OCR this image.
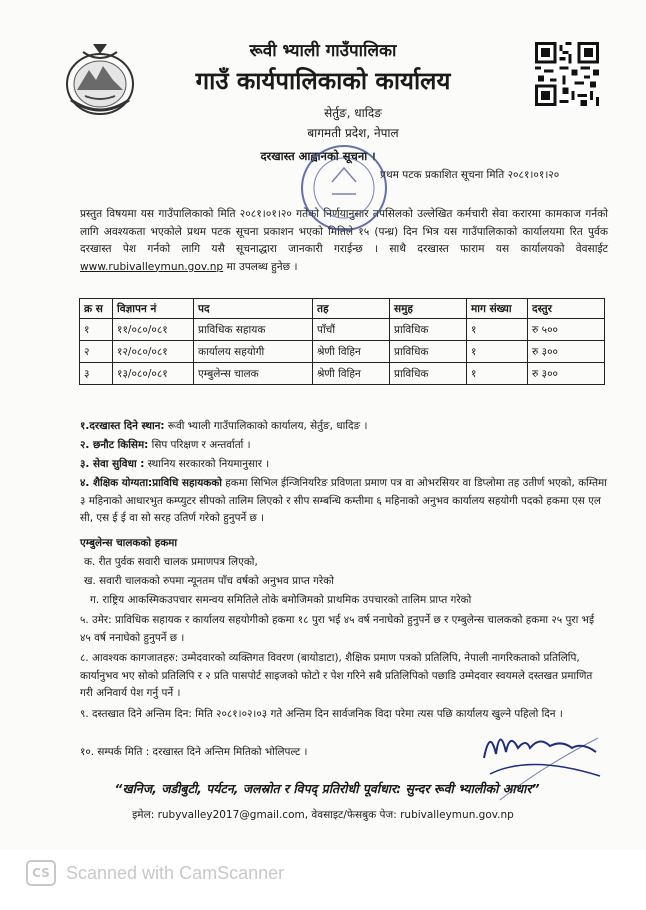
रूवी भ्याली गाउँपालिका
गाउँ कार्यपालिकाको कार्यालय
सेर्तुङ, धादिङ
बागमती प्रदेश, नेपाल
दरखास्त आह्वानको सूचना ।
प्रथम पटक प्रकाशित सूचना मिति २०८१।०१।२०
प्रस्तुत विषयमा यस गाउँपालिकाको मिति २०८१।०१।२० गतेको निर्णयानुसार तपसिलको उल्लेखित कर्मचारी सेवा करारमा कामकाज गर्नको लागि अवश्यकता भएकोले प्रथम पटक सूचना प्रकाशन भएको मितिले १५ (पन्ध्र) दिन भित्र यस गाउँपालिकाको कार्यालयमा रित पुर्वक दरखास्त पेश गर्नको लागि यसै सूचनाद्धारा जानकारी गराईन्छ । साथै दरखास्त फाराम यस कार्यालयको वेवसाईट www.rubivalleymun.gov.np मा उपलब्ध हुनेछ ।
क्र स	विज्ञापन नं	पद	तह	समुह	माग संख्या	दस्तुर
१	११/०८०/०८१	प्राविधिक सहायक	पाँचौं	प्राविधिक	१	रु ५००
२	१२/०८०/०८१	कार्यालय सहयोगी	श्रेणी विहिन	प्राविधिक	१	रु ३००
३	१३/०८०/०८१	एम्बुलेन्स चालक	श्रेणी विहिन	प्राविधिक	१	रु ३००
१.दरखास्त दिने स्थान: रूवी भ्याली गाउँपालिकाको कार्यालय, सेर्तुङ, धादिङ ।
२. छनौट किसिम: सिप परिक्षण र अन्तर्वार्ता ।
३. सेवा सुविधा : स्थानिय सरकारको नियमानुसार ।
४. शैक्षिक योग्यता:प्राविधि सहायकको हकमा सिभिल ईन्जिनियरिङ प्रविणता प्रमाण पत्र वा ओभरसियर वा डिप्लोमा तह उतीर्ण भएको, कम्तिमा ३ महिनाको आधारभुत कम्प्युटर सीपको तालिम लिएको र सीप सम्बन्धि कम्तीमा ६ महिनाको अनुभव कार्यालय सहयोगी पदको हकमा एस एल सी, एस ई ई वा सो सरह उतिर्ण गरेको हुनुपर्ने छ ।
एम्बुलेन्स चालकको हकमा
क. रीत पुर्वक सवारी चालक प्रमाणपत्र लिएको,
ख. सवारी चालकको रुपमा न्यूनतम पाँच वर्षको अनुभव प्राप्त गरेको
ग. राष्ट्रिय आकस्मिकउपचार समन्वय समितिले तोके बमोजिमको प्राथमिक उपचारको तालिम प्राप्त गरेको
५. उमेर: प्राविधिक सहायक र कार्यालय सहयोगीको हकमा १८ पुरा भई ४५ वर्ष ननाघेको हुनुपर्ने छ र एम्बुलेन्स चालकको हकमा २५ पुरा भई ४५ वर्ष ननाघेको हुनुपर्ने छ ।
८. आवश्यक कागजातहरु: उम्मेदवारको व्यक्तिगत विवरण (बायोडाटा), शैक्षिक प्रमाण पत्रको प्रतिलिपि, नेपाली नागरिकताको प्रतिलिपि, कार्यानुभव भए सोको प्रतिलिपि र २ प्रति पासपोर्ट साइजको फोटो र पेश गरिने सबै प्रतिलिपिको पछाडि उम्मेदवार स्वयमले दस्तखत प्रमाणित गरी अनिवार्य पेश गर्नु पर्ने ।
९. दस्तखात दिने अन्तिम दिन: मिति २०८१।०२।०३ गते अन्तिम दिन सार्वजनिक विदा परेमा त्यस पछि कार्यालय खुल्ने पहिलो दिन ।
१०. सम्पर्क मिति : दरखास्त दिने अन्तिम मितिको भोलिपल्ट ।
“खनिज, जडीबुटी, पर्यटन, जलस्रोत र विपद् प्रतिरोधी पूर्वाधार: सुन्दर रूवी भ्यालीको आधार”
इमेल: rubyvalley2017@gmail.com, वेवसाइट/फेसबुक पेज: rubivalleymun.gov.np
CS Scanned with CamScanner
